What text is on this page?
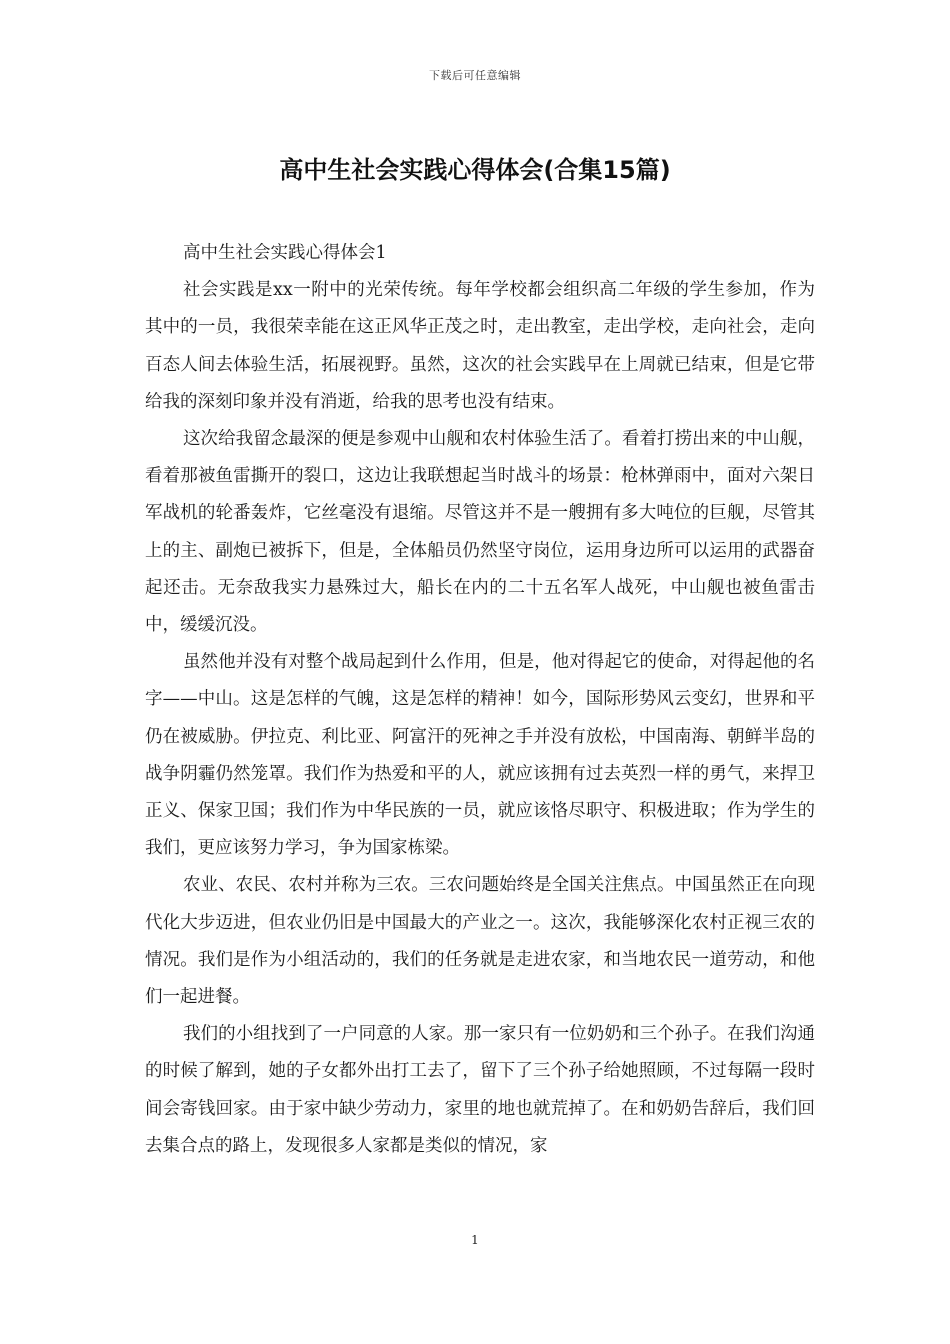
下载后可任意编辑
高中生社会实践心得体会(合集15篇)

高中生社会实践心得体会1

社会实践是xx一附中的光荣传统。每年学校都会组织高二年级的学生参加，作为其中的一员，我很荣幸能在这正风华正茂之时，走出教室，走出学校，走向社会，走向百态人间去体验生活，拓展视野。虽然，这次的社会实践早在上周就已结束，但是它带给我的深刻印象并没有消逝，给我的思考也没有结束。

这次给我留念最深的便是参观中山舰和农村体验生活了。看着打捞出来的中山舰，看着那被鱼雷撕开的裂口，这边让我联想起当时战斗的场景：枪林弹雨中，面对六架日军战机的轮番轰炸，它丝毫没有退缩。尽管这并不是一艘拥有多大吨位的巨舰，尽管其上的主、副炮已被拆下，但是，全体船员仍然坚守岗位，运用身边所可以运用的武器奋起还击。无奈敌我实力悬殊过大，船长在内的二十五名军人战死，中山舰也被鱼雷击中，缓缓沉没。

虽然他并没有对整个战局起到什么作用，但是，他对得起它的使命，对得起他的名字——中山。这是怎样的气魄，这是怎样的精神！如今，国际形势风云变幻，世界和平仍在被威胁。伊拉克、利比亚、阿富汗的死神之手并没有放松，中国南海、朝鲜半岛的战争阴霾仍然笼罩。我们作为热爱和平的人，就应该拥有过去英烈一样的勇气，来捍卫正义、保家卫国；我们作为中华民族的一员，就应该恪尽职守、积极进取；作为学生的我们，更应该努力学习，争为国家栋梁。

农业、农民、农村并称为三农。三农问题始终是全国关注焦点。中国虽然正在向现代化大步迈进，但农业仍旧是中国最大的产业之一。这次，我能够深化农村正视三农的情况。我们是作为小组活动的，我们的任务就是走进农家，和当地农民一道劳动，和他们一起进餐。

我们的小组找到了一户同意的人家。那一家只有一位奶奶和三个孙子。在我们沟通的时候了解到，她的子女都外出打工去了，留下了三个孙子给她照顾，不过每隔一段时间会寄钱回家。由于家中缺少劳动力，家里的地也就荒掉了。在和奶奶告辞后，我们回去集合点的路上，发现很多人家都是类似的情况，家

1
